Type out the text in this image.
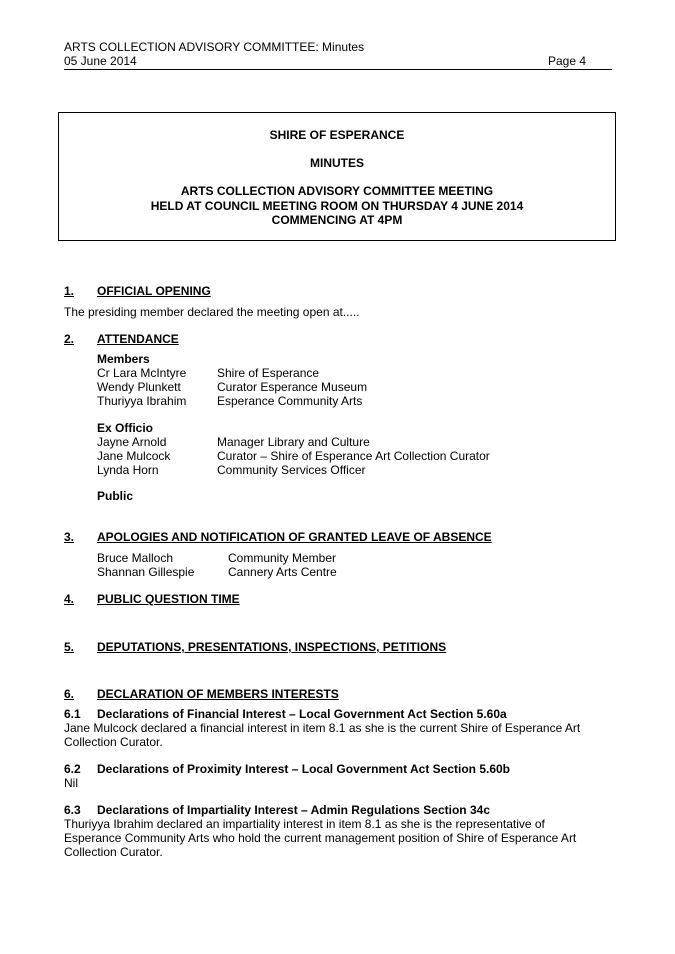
ARTS COLLECTION ADVISORY COMMITTEE: Minutes
05 June 2014	Page 4
SHIRE OF ESPERANCE
MINUTES
ARTS COLLECTION ADVISORY COMMITTEE MEETING
HELD AT COUNCIL MEETING ROOM ON THURSDAY 4 JUNE 2014
COMMENCING AT 4PM
1. OFFICIAL OPENING
The presiding member declared the meeting open at.....
2. ATTENDANCE
Members
Cr Lara McIntyre	Shire of Esperance
Wendy Plunkett	Curator Esperance Museum
Thuriyya Ibrahim	Esperance Community Arts
Ex Officio
Jayne Arnold	Manager Library and Culture
Jane Mulcock	Curator – Shire of Esperance Art Collection Curator
Lynda Horn	Community Services Officer
Public
3. APOLOGIES AND NOTIFICATION OF GRANTED LEAVE OF ABSENCE
Bruce Malloch	Community Member
Shannan Gillespie	Cannery Arts Centre
4. PUBLIC QUESTION TIME
5. DEPUTATIONS, PRESENTATIONS, INSPECTIONS, PETITIONS
6. DECLARATION OF MEMBERS INTERESTS
6.1 Declarations of Financial Interest – Local Government Act Section 5.60a
Jane Mulcock declared a financial interest in item 8.1 as she is the current Shire of Esperance Art Collection Curator.
6.2 Declarations of Proximity Interest – Local Government Act Section 5.60b
Nil
6.3 Declarations of Impartiality Interest – Admin Regulations Section 34c
Thuriyya Ibrahim declared an impartiality interest in item 8.1 as she is the representative of Esperance Community Arts who hold the current management position of Shire of Esperance Art Collection Curator.
